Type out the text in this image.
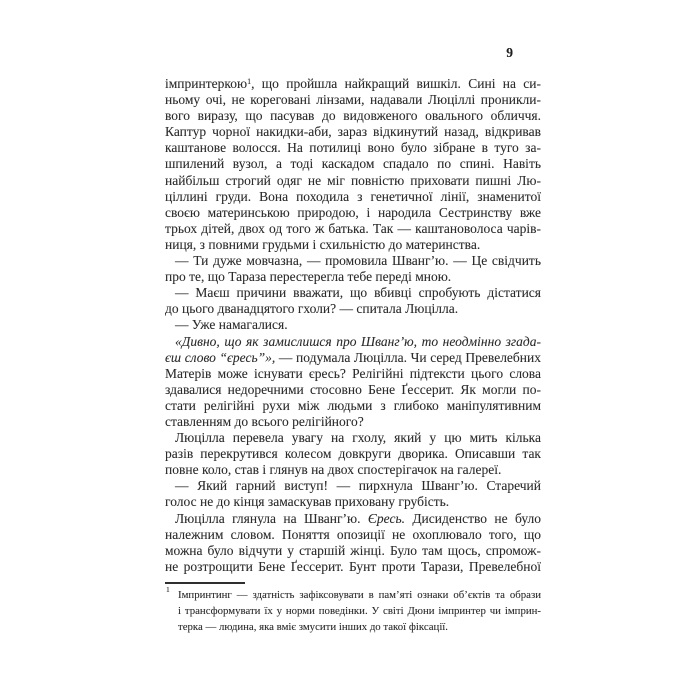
9
імпринтеркою$^1$, що пройшла найкращий вишкіл. Сині на си-
ньому очі, не кореговані лінзами, надавали Люціллі проникли-
вого виразу, що пасував до видовженого овального обличчя.
Каптур чорної накидки-аби, зараз відкинутий назад, відкривав
каштанове волосся. На потилиці воно було зібране в туго за-
шпилений вузол, а тоді каскадом спадало по спині. Навіть
найбільш строгий одяг не міг повністю приховати пишні Лю-
ціллині груди. Вона походила з генетичної лінії, знаменитої
своєю материнською природою, і народила Сестринству вже
трьох дітей, двох од того ж батька. Так — каштановолоса чарів-
ниця, з повними грудьми і схильністю до материнства.
— Ти дуже мовчазна, — промовила Шванг’ю. — Це свідчить
про те, що Тараза перестерегла тебе переді мною.
— Маєш причини вважати, що вбивці спробують дістатися
до цього дванадцятого гхоли? — спитала Люцілла.
— Уже намагалися.
«Дивно, що як замислишся про Шванг’ю, то неодмінно згада-
єш слово “єресь”», — подумала Люцілла. Чи серед Превелебних
Матерів може існувати єресь? Релігійні підтексти цього слова
здавалися недоречними стосовно Бене Ґессерит. Як могли по-
стати релігійні рухи між людьми з глибоко маніпулятивним
ставленням до всього релігійного?
Люцілла перевела увагу на гхолу, який у цю мить кілька
разів перекрутився колесом довкруги дворика. Описавши так
повне коло, став і глянув на двох спостерігачок на галереї.
— Який гарний виступ! — пирхнула Шванг’ю. Старечий
голос не до кінця замаскував приховану грубість.
Люцілла глянула на Шванг’ю. Єресь. Дисиденство не було
належним словом. Поняття опозиції не охоплювало того, що
можна було відчути у старшій жінці. Було там щось, спромож-
не розтрощити Бене Ґессерит. Бунт проти Тарази, Превелебної
1 Імпринтинг — здатність зафіксовувати в пам’яті ознаки об’єктів та образи
і трансформувати їх у норми поведінки. У світі Дюни імпринтер чи імприн-
терка — людина, яка вміє змусити інших до такої фіксації.
